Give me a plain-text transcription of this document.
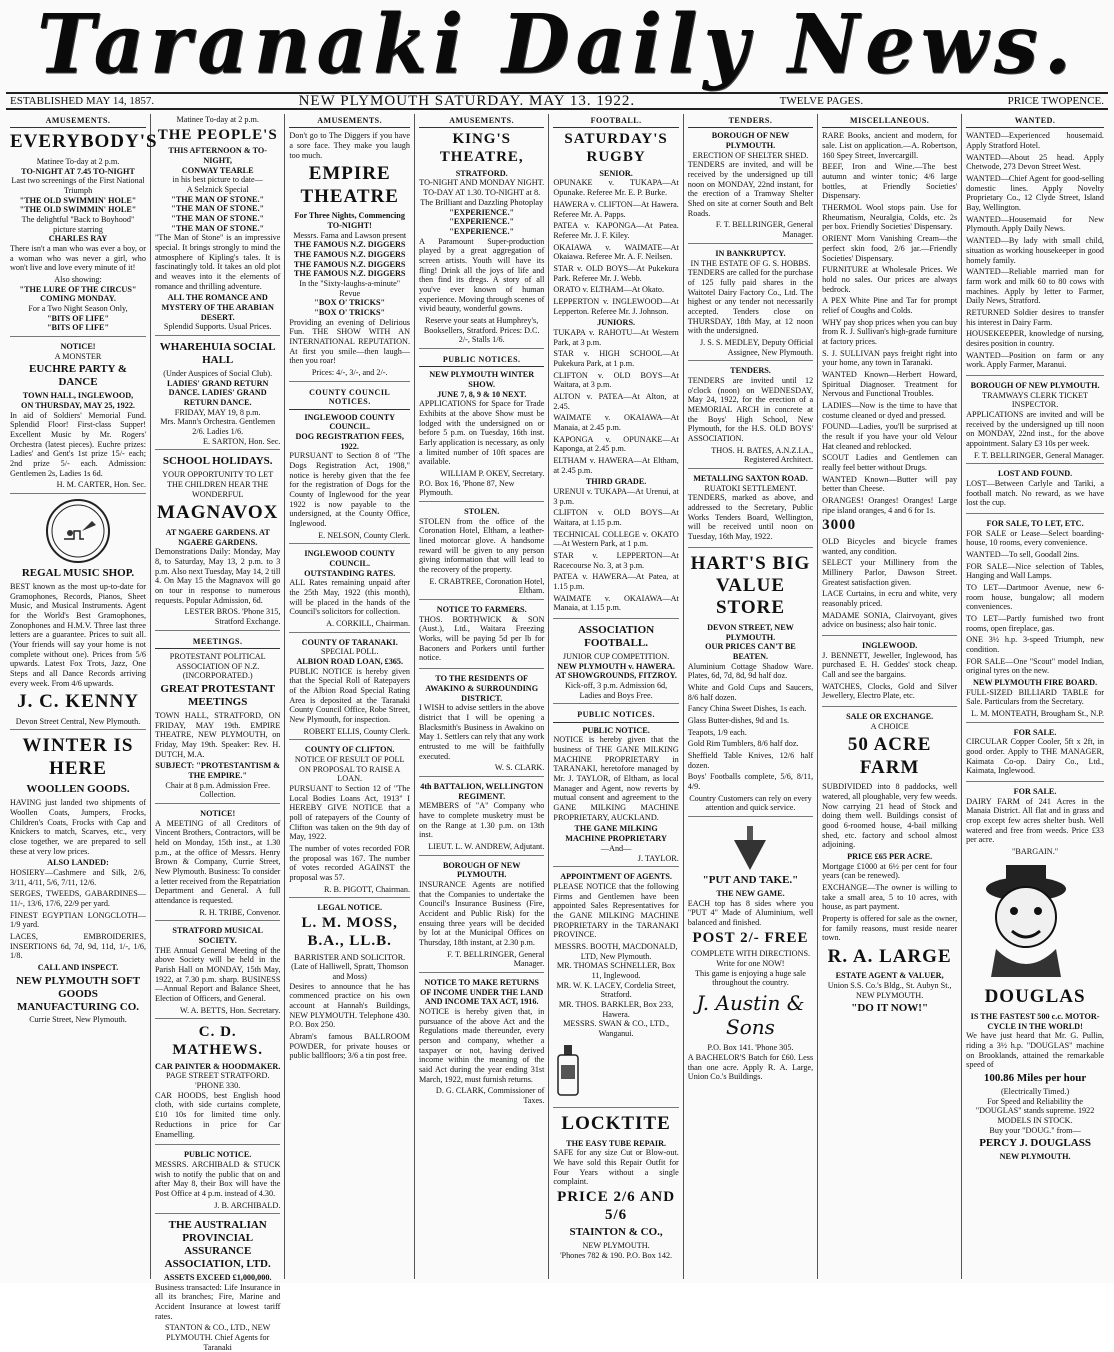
Taranaki Daily News.
ESTABLISHED MAY 14, 1857.	NEW PLYMOUTH SATURDAY. MAY 13. 1922.	TWELVE PAGES.	PRICE TWOPENCE.
AMUSEMENTS.
EVERYBODY'S
Matinee To-day at 2 p.m.
TO-NIGHT AT 7.45 TO-NIGHT
Last two screenings of the First National Triumph
"THE OLD SWIMMIN' HOLE"
"THE OLD SWIMMIN' HOLE"
The delightful "Back to Boyhood" picture starring
CHARLES RAY

There isn't a man who was ever a boy, or a woman who was never a girl, who won't live and love every minute of it!

Also showing:
"THE LURE OF THE CIRCUS"
COMING MONDAY.
For a Two Night Season Only,
"BITS OF LIFE"
"BITS OF LIFE"
NOTICE!
A MONSTER
EUCHRE PARTY & DANCE
TOWN HALL, INGLEWOOD,
ON THURSDAY, MAY 25, 1922.

In aid of Soldiers' Memorial Fund. Splendid Floor! First-class Supper! Excellent Music by Mr. Rogers' Orchestra (latest pieces). Euchre prizes: Ladies' and Gent's 1st prize 15/- each; 2nd prize 5/- each. Admission: Gentlemen 2s, Ladies 1s 6d.

H. M. CARTER, Hon. Sec.
REGAL MUSIC SHOP.

BEST known as the most up-to-date for Gramophones, Records, Pianos, Sheet Music, and Musical Instruments. Agent for the World's Best Gramophones, Zonophones and H.M.V. Three last three letters are a guarantee. Prices to suit all. (Your friends will say your home is not complete without one). Prices from 5/6 upwards. Latest Fox Trots, Jazz, One Steps and all Dance Records arriving every week. From 4/6 upwards.

J. C. KENNY
Devon Street Central, New Plymouth.
WINTER IS HERE
WOOLLEN GOODS.

HAVING just landed two shipments of Woollen Coats, Jumpers, Frocks, Children's Coats, Frocks with Cap and Knickers to match, Scarves, etc., very close together, we are prepared to sell these at very low prices.

ALSO LANDED:

HOSIERY—Cashmere and Silk, 2/6, 3/11, 4/11, 5/6, 7/11, 12/6.

SERGES, TWEEDS, GABARDINES—11/-, 13/6, 17/6, 22/9 per yard.

FINEST EGYPTIAN LONGCLOTH—1/9 yard.

LACES, EMBROIDERIES, INSERTIONS 6d, 7d, 9d, 11d, 1/-, 1/6, 1/8.

CALL AND INSPECT.
NEW PLYMOUTH SOFT GOODS MANUFACTURING CO.
Currie Street, New Plymouth.
Matinee To-day at 2 p.m.
THE PEOPLE'S
THIS AFTERNOON & TO-NIGHT,
CONWAY TEARLE
in his best picture to date—
A Selznick Special
"THE MAN OF STONE."
"THE MAN OF STONE."
"THE MAN OF STONE."
"THE MAN OF STONE."

"The Man of Stone" is an impressive special. It brings strongly to mind the atmosphere of Kipling's tales. It is fascinatingly told. It takes an old plot and weaves into it the elements of romance and thrilling adventure.

ALL THE ROMANCE AND MYSTERY OF THE ARABIAN DESERT.
Splendid Supports. Usual Prices.
WHAREHUIA SOCIAL HALL
(Under Auspices of Social Club).
LADIES' GRAND RETURN DANCE. LADIES' GRAND RETURN DANCE.
FRIDAY, MAY 19, 8 p.m.
Mrs. Mann's Orchestra. Gentlemen 2/6. Ladies 1/6.
E. SARTON, Hon. Sec.
SCHOOL HOLIDAYS.
YOUR OPPORTUNITY TO LET THE CHILDREN HEAR THE WONDERFUL
MAGNAVOX
AT NGAERE GARDENS. AT NGAERE GARDENS.

Demonstrations Daily: Monday, May 8, to Saturday, May 13, 2 p.m. to 3 p.m. Also next Tuesday, May 14, 2 till 4. On May 15 the Magnavox will go on tour in response to numerous requests. Popular Admission, 6d.

LESTER BROS. 'Phone 315, Stratford Exchange.
MEETINGS.
PROTESTANT POLITICAL ASSOCIATION OF N.Z. (INCORPORATED.)
GREAT PROTESTANT MEETINGS

TOWN HALL, STRATFORD, ON FRIDAY, MAY 19th. EMPIRE THEATRE, NEW PLYMOUTH, on Friday, May 19th. Speaker: Rev. H. DUTCH, M.A.

SUBJECT: "PROTESTANTISM & THE EMPIRE."
Chair at 8 p.m. Admission Free. Collection.
NOTICE!

A MEETING of all Creditors of Vincent Brothers, Contractors, will be held on Monday, 15th inst., at 1.30 p.m., at the office of Messrs. Henry Brown & Company, Currie Street, New Plymouth. Business: To consider a letter received from the Repatriation Department and General. A full attendance is requested.

R. H. TRIBE, Convenor.
STRATFORD MUSICAL SOCIETY.

THE Annual General Meeting of the above Society will be held in the Parish Hall on MONDAY, 15th May, 1922, at 7.30 p.m. sharp. BUSINESS—Annual Report and Balance Sheet, Election of Officers, and General.

W. A. BETTS, Hon. Secretary.
C. D. MATHEWS.
CAR PAINTER & HOODMAKER.
PAGE STREET STRATFORD. 'PHONE 330.

CAR HOODS, best English hood cloth, with side curtains complete, £10 10s for limited time only. Reductions in price for Car Enamelling.

PUBLIC NOTICE.

MESSRS. ARCHIBALD & STUCK wish to notify the public that on and after May 8, their Box will have the Post Office at 4 p.m. instead of 4.30.

J. B. ARCHIBALD.
THE AUSTRALIAN PROVINCIAL ASSURANCE ASSOCIATION, LTD.
ASSETS EXCEED £1,000,000.

Business transacted: Life Insurance in all its branches; Fire, Marine and Accident Insurance at lowest tariff rates.

STANTON & CO., LTD., NEW PLYMOUTH. Chief Agents for Taranaki
AMUSEMENTS.

Don't go to The Diggers if you have a sore face. They make you laugh too much.

EMPIRE THEATRE
For Three Nights, Commencing TO-NIGHT!
Messrs. Fama and Lawson present
THE FAMOUS N.Z. DIGGERS
THE FAMOUS N.Z. DIGGERS
THE FAMOUS N.Z. DIGGERS
THE FAMOUS N.Z. DIGGERS
In the "Sixty-laughs-a-minute" Revue
"BOX O' TRICKS"
"BOX O' TRICKS"

Providing an evening of Delirious Fun. THE SHOW WITH AN INTERNATIONAL REPUTATION. At first you smile—then laugh—then you roar!

Prices: 4/-, 3/-, and 2/-.
COUNTY COUNCIL NOTICES.
INGLEWOOD COUNTY COUNCIL.
DOG REGISTRATION FEES, 1922.

PURSUANT to Section 8 of "The Dogs Registration Act, 1908," notice is hereby given that the fee for the registration of Dogs for the County of Inglewood for the year 1922 is now payable to the undersigned, at the County Office, Inglewood.

E. NELSON, County Clerk.
INGLEWOOD COUNTY COUNCIL.
OUTSTANDING RATES.

ALL Rates remaining unpaid after the 25th May, 1922 (this month), will be placed in the hands of the Council's solicitors for collection.

A. CORKILL, Chairman.
COUNTY OF TARANAKI.
SPECIAL POLL.
ALBION ROAD LOAN, £365.

PUBLIC NOTICE is hereby given that the Special Roll of Ratepayers of the Albion Road Special Rating Area is deposited at the Taranaki County Council Office, Robe Street, New Plymouth, for inspection.

ROBERT ELLIS, County Clerk.
COUNTY OF CLIFTON.
NOTICE OF RESULT OF POLL ON PROPOSAL TO RAISE A LOAN.

PURSUANT to Section 12 of "The Local Bodies Loans Act, 1913" I HEREBY GIVE NOTICE that a poll of ratepayers of the County of Clifton was taken on the 9th day of May, 1922.

The number of votes recorded FOR the proposal was 167. The number of votes recorded AGAINST the proposal was 57.

R. B. PIGOTT, Chairman.
LEGAL NOTICE.
L. M. MOSS, B.A., LL.B.
BARRISTER AND SOLICITOR. (Late of Halliwell, Spratt, Thomson and Moss)

Desires to announce that he has commenced practice on his own account at Hannah's Buildings, NEW PLYMOUTH. Telephone 430. P.O. Box 250.

Abram's famous BALLROOM POWDER, for private houses or public ballfloors; 3/6 a tin post free.

AMUSEMENTS.
KING'S THEATRE,
STRATFORD.
TO-NIGHT AND MONDAY NIGHT. TO-DAY AT 1.30. TO-NIGHT at 8.
The Brilliant and Dazzling Photoplay
"EXPERIENCE."
"EXPERIENCE."
"EXPERIENCE."

A Paramount Super-production played by a great aggregation of screen artists. Youth will have its fling! Drink all the joys of life and then find its dregs. A story of all you've ever known of human experience. Moving through scenes of vivid beauty, wonderful gowns.

Reserve your seats at Humphrey's, Booksellers, Stratford. Prices: D.C. 2/-, Stalls 1/6.
PUBLIC NOTICES.
NEW PLYMOUTH WINTER SHOW.
JUNE 7, 8, 9 & 10 NEXT.

APPLICATIONS for Space for Trade Exhibits at the above Show must be lodged with the undersigned on or before 5 p.m. on Tuesday, 16th inst. Early application is necessary, as only a limited number of 10ft spaces are available.

WILLIAM P. OKEY, Secretary.
P.O. Box 16, 'Phone 87, New Plymouth.
STOLEN.

STOLEN from the office of the Coronation Hotel, Eltham, a leather-lined motorcar glove. A handsome reward will be given to any person giving information that will lead to the recovery of the property.

E. CRABTREE, Coronation Hotel, Eltham.
NOTICE TO FARMERS.

THOS. BORTHWICK & SON (Aust.), Ltd., Waitara Freezing Works, will be paying 5d per lb for Baconers and Porkers until further notice.

TO THE RESIDENTS OF AWAKINO & SURROUNDING DISTRICT.

I WISH to advise settlers in the above district that I will be opening a Blacksmith's Business in Awakino on May 1. Settlers can rely that any work entrusted to me will be faithfully executed.

W. S. CLARK.
4th BATTALION, WELLINGTON REGIMENT.

MEMBERS of "A" Company who have to complete musketry must be on the Range at 1.30 p.m. on 13th inst.

LIEUT. L. W. ANDREW, Adjutant.
BOROUGH OF NEW PLYMOUTH.

INSURANCE Agents are notified that the Companies to undertake the Council's Insurance Business (Fire, Accident and Public Risk) for the ensuing three years will be decided by lot at the Municipal Offices on Thursday, 18th instant, at 2.30 p.m.

F. T. BELLRINGER, General Manager.
NOTICE TO MAKE RETURNS OF INCOME UNDER THE LAND AND INCOME TAX ACT, 1916.

NOTICE is hereby given that, in pursuance of the above Act and the Regulations made thereunder, every person and company, whether a taxpayer or not, having derived income within the meaning of the said Act during the year ending 31st March, 1922, must furnish returns.

D. G. CLARK, Commissioner of Taxes.
FOOTBALL.
SATURDAY'S RUGBY
SENIOR.

OPUNAKE v. TUKAPA—At Opunake. Referee Mr. E. P. Burke.

HAWERA v. CLIFTON—At Hawera. Referee Mr. A. Papps.

PATEA v. KAPONGA—At Patea. Referee Mr. J. F. Kiley.

OKAIAWA v. WAIMATE—At Okaiawa. Referee Mr. A. F. Neilsen.

STAR v. OLD BOYS—At Pukekura Park. Referee Mr. J. Webb.

ORATO v. ELTHAM—At Okato.

LEPPERTON v. INGLEWOOD—At Lepperton. Referee Mr. J. Johnson.

JUNIORS.

TUKAPA v. RAHOTU—At Western Park, at 3 p.m.

STAR v. HIGH SCHOOL—At Pukekura Park, at 1 p.m.

CLIFTON v. OLD BOYS—At Waitara, at 3 p.m.

ALTON v. PATEA—At Alton, at 2.45.

WAIMATE v. OKAIAWA—At Manaia, at 2.45 p.m.

KAPONGA v. OPUNAKE—At Kaponga, at 2.45 p.m.

ELTHAM v. HAWERA—At Eltham, at 2.45 p.m.

THIRD GRADE.

URENUI v. TUKAPA—At Urenui, at 3 p.m.

CLIFTON v. OLD BOYS—At Waitara, at 1.15 p.m.

TECHNICAL COLLEGE v. OKATO—At Western Park, at 1 p.m.

STAR v. LEPPERTON—At Racecourse No. 3, at 3 p.m.

PATEA v. HAWERA—At Patea, at 1.15 p.m.

WAIMATE v. OKAIAWA—At Manaia, at 1.15 p.m.

ASSOCIATION FOOTBALL.
JUNIOR CUP COMPETITION.
NEW PLYMOUTH v. HAWERA. AT SHOWGROUNDS, FITZROY.
Kick-off, 3 p.m. Admission 6d, Ladies and Boys Free.
PUBLIC NOTICES.
PUBLIC NOTICE.

NOTICE is hereby given that the business of THE GANE MILKING MACHINE PROPRIETARY in TARANAKI, heretofore managed by Mr. J. TAYLOR, of Eltham, as local Manager and Agent, now reverts by mutual consent and agreement to the GANE MILKING MACHINE PROPRIETARY, AUCKLAND.

THE GANE MILKING MACHINE PROPRIETARY
—And—
J. TAYLOR.
APPOINTMENT OF AGENTS.

PLEASE NOTICE that the following Firms and Gentlemen have been appointed Sales Representatives for the GANE MILKING MACHINE PROPRIETARY in the TARANAKI PROVINCE.

MESSRS. BOOTH, MACDONALD, LTD, New Plymouth.
MR. THOMAS SCHNELLER, Box 11, Inglewood.
MR. W. K. LACEY, Cordelia Street, Stratford.
MR. THOS. BARKLER, Box 233, Hawera.
MESSRS. SWAN & CO., LTD., Wanganui.
LOCKTITE
THE EASY TUBE REPAIR.

SAFE for any size Cut or Blow-out. We have sold this Repair Outfit for Four Years without a single complaint.

PRICE 2/6 AND 5/6
STAINTON & CO.,
NEW PLYMOUTH.
'Phones 782 & 190. P.O. Box 142.
TENDERS.
BOROUGH OF NEW PLYMOUTH.
ERECTION OF SHELTER SHED.

TENDERS are invited, and will be received by the undersigned up till noon on MONDAY, 22nd instant, for the erection of a Tramway Shelter Shed on site at corner South and Belt Roads.

F. T. BELLRINGER, General Manager.
IN BANKRUPTCY.
IN THE ESTATE OF G. S. HOBBS.

TENDERS are called for the purchase of 125 fully paid shares in the Waitotel Dairy Factory Co., Ltd. The highest or any tender not necessarily accepted. Tenders close on THURSDAY, 18th May, at 12 noon with the undersigned.

J. S. S. MEDLEY, Deputy Official Assignee, New Plymouth.
TENDERS.

TENDERS are invited until 12 o'clock (noon) on WEDNESDAY, May 24, 1922, for the erection of a MEMORIAL ARCH in concrete at the Boys' High School, New Plymouth, for the H.S. OLD BOYS' ASSOCIATION.

THOS. H. BATES, A.N.Z.I.A., Registered Architect.
METALLING SAXTON ROAD.
RUATOKI SETTLEMENT.

TENDERS, marked as above, and addressed to the Secretary, Public Works Tenders Board, Wellington, will be received until noon on Tuesday, 16th May, 1922.

HART'S BIG VALUE STORE
DEVON STREET, NEW PLYMOUTH.
OUR PRICES CAN'T BE BEATEN.

Aluminium Cottage Shadow Ware. Plates, 6d, 7d, 8d, 9d half doz.

White and Gold Cups and Saucers, 8/6 half dozen.

Fancy China Sweet Dishes, 1s each.

Glass Butter-dishes, 9d and 1s.

Teapots, 1/9 each.

Gold Rim Tumblers, 8/6 half doz.

Sheffield Table Knives, 12/6 half dozen.

Boys' Footballs complete, 5/6, 8/11, 4/9.

Country Customers can rely on every attention and quick service.
"PUT AND TAKE."
THE NEW GAME.

EACH top has 8 sides where you "PUT 4" Made of Aluminium, well balanced and finished.

POST 2/- FREE
COMPLETE WITH DIRECTIONS. Write for one NOW!
This game is enjoying a huge sale throughout the country.
J. Austin & Sons
P.O. Box 141. 'Phone 305.

A BACHELOR'S Batch for £60. Less than one acre. Apply R. A. Large, Union Co.'s Buildings.

MISCELLANEOUS.

RARE Books, ancient and modern, for sale. List on application.—A. Robertson, 160 Spey Street, Invercargill.

BEEF, Iron and Wine.—The best autumn and winter tonic; 4/6 large bottles, at Friendly Societies' Dispensary.

THERMOL Wool stops pain. Use for Rheumatism, Neuralgia, Colds, etc. 2s per box. Friendly Societies' Dispensary.

ORIENT Morn Vanishing Cream—the perfect skin food, 2/6 jar.—Friendly Societies' Dispensary.

FURNITURE at Wholesale Prices. We hold no sales. Our prices are always bedrock.

A PEX White Pine and Tar for prompt relief of Coughs and Colds.

WHY pay shop prices when you can buy from R. J. Sullivan's high-grade furniture at factory prices.

S. J. SULLIVAN pays freight right into your home, any town in Taranaki.

WANTED Known—Herbert Howard, Spiritual Diagnoser. Treatment for Nervous and Functional Troubles.

LADIES—Now is the time to have that costume cleaned or dyed and pressed.

FOUND—Ladies, you'll be surprised at the result if you have your old Velour Hat cleaned and reblocked.

SCOUT Ladies and Gentlemen can really feel better without Drugs.

WANTED Known—Butter will pay better than Cheese.

ORANGES! Oranges! Oranges! Large ripe island oranges, 4 and 6 for 1s.

3000

OLD Bicycles and bicycle frames wanted, any condition.

SELECT your Millinery from the Millinery Parlor, Dawson Street. Greatest satisfaction given.

LACE Curtains, in ecru and white, very reasonably priced.

MADAME SONIA, Clairvoyant, gives advice on business; also hair tonic.

INGLEWOOD.

J. BENNETT, Jeweller, Inglewood, has purchased E. H. Geddes' stock cheap. Call and see the bargains.

WATCHES, Clocks, Gold and Silver Jewellery, Electro Plate, etc.

SALE OR EXCHANGE.
A CHOICE
50 ACRE FARM

SUBDIVIDED into 8 paddocks, well watered, all ploughable, very few weeds. Now carrying 21 head of Stock and doing them well. Buildings consist of good 6-roomed house, 4-bail milking shed, etc. factory and school almost adjoining.

PRICE £65 PER ACRE.

Mortgage £1000 at 6½ per cent for four years (can be renewed).

EXCHANGE—The owner is willing to take a small area, 5 to 10 acres, with house, as part payment.

Property is offered for sale as the owner, for family reasons, must reside nearer town.

R. A. LARGE
ESTATE AGENT & VALUER,
Union S.S. Co.'s Bldg., St. Aubyn St., NEW PLYMOUTH.
"DO IT NOW!"
WANTED.

WANTED—Experienced housemaid. Apply Stratford Hotel.

WANTED—About 25 head. Apply Chetwode, 273 Devon Street West.

WANTED—Chief Agent for good-selling domestic lines. Apply Novelty Proprietary Co., 12 Clyde Street, Island Bay, Wellington.

WANTED—Housemaid for New Plymouth. Apply Daily News.

WANTED—By lady with small child, situation as working housekeeper in good homely family.

WANTED—Reliable married man for farm work and milk 60 to 80 cows with machines. Apply by letter to Farmer, Daily News, Stratford.

RETURNED Soldier desires to transfer his interest in Dairy Farm.

HOUSEKEEPER, knowledge of nursing, desires position in country.

WANTED—Position on farm or any work. Apply Farmer, Maranui.

BOROUGH OF NEW PLYMOUTH.
TRAMWAYS CLERK TICKET INSPECTOR.

APPLICATIONS are invited and will be received by the undersigned up till noon on MONDAY, 22nd inst., for the above appointment. Salary £3 10s per week.

F. T. BELLRINGER, General Manager.
LOST AND FOUND.

LOST—Between Carlyle and Tariki, a football match. No reward, as we have lost the cup.

FOR SALE, TO LET, ETC.

FOR SALE or Lease—Select boarding-house, 10 rooms, every convenience.

WANTED—To sell, Goodall 2ins.

FOR SALE—Nice selection of Tables, Hanging and Wall Lamps.

TO LET—Dartmoor Avenue, new 6-room house, bungalow; all modern conveniences.

TO LET—Partly furnished two front rooms, open fireplace, gas.

ONE 3½ h.p. 3-speed Triumph, new condition.

FOR SALE—One "Scout" model Indian, original tyres on the new.

NEW PLYMOUTH FIRE BOARD.

FULL-SIZED BILLIARD TABLE for Sale. Particulars from the Secretary.

L. M. MONTEATH, Brougham St., N.P.
FOR SALE.

CIRCULAR Copper Cooler, 5ft x 2ft, in good order. Apply to THE MANAGER, Kaimata Co-op. Dairy Co., Ltd., Kaimata, Inglewood.

FOR SALE.

DAIRY FARM of 241 Acres in the Manaia District. All flat and in grass and crop except few acres shelter bush. Well watered and free from weeds. Price £33 per acre.

"BARGAIN."
DOUGLAS
IS THE FASTEST 500 c.c. MOTOR-CYCLE IN THE WORLD!

We have just heard that Mr. G. Pullin, riding a 3½ h.p. "DOUGLAS" machine on Brooklands, attained the remarkable speed of

100.86 Miles per hour
(Electrically Timed.)
For Speed and Reliability the "DOUGLAS" stands supreme. 1922 MODELS IN STOCK.
Buy your "DOUG." from—
PERCY J. DOUGLASS
NEW PLYMOUTH.
